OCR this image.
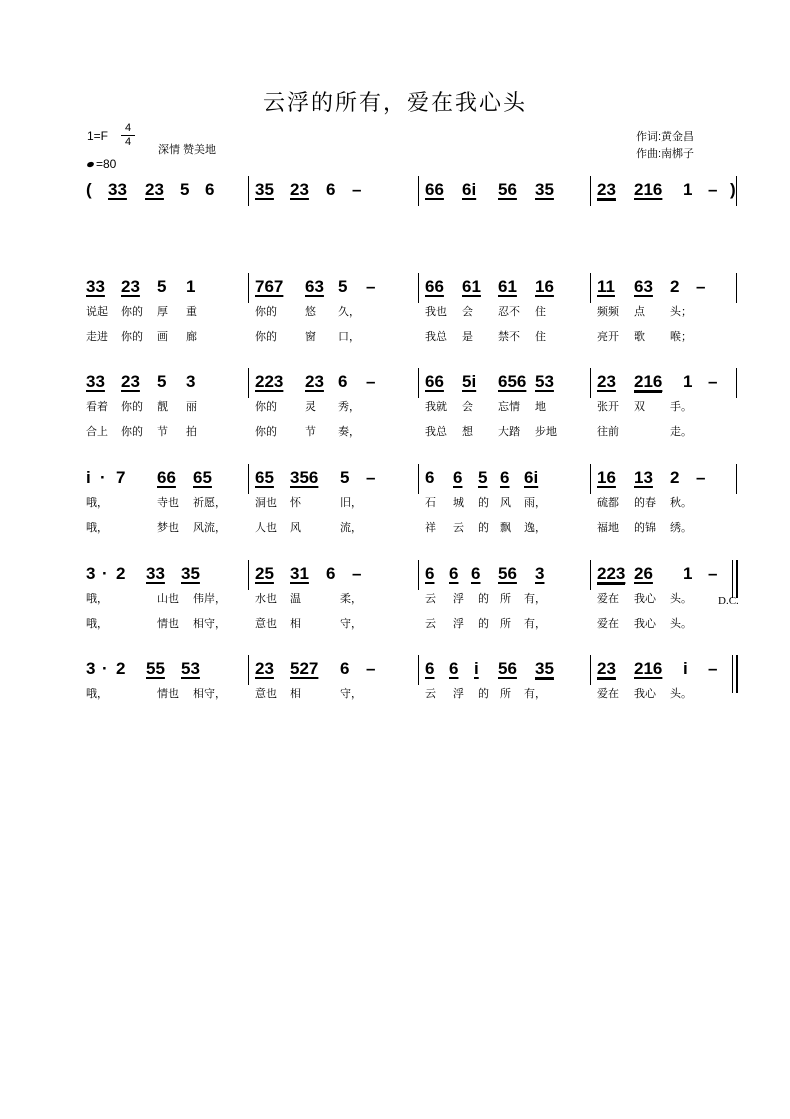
云浮的所有，爱在我心头
1=F
4
4
深情 赞美地
=80
作词:黄金昌
作曲:南梆子
( 33 23 5 6 35 23 6 –	66 6i 56 35	23 216 1 – )
33 23 5 1	767 63 5 –	66 61 61 16	11 63 2 –
说起 你的 厚 重	你的	悠 久，	我也 会 忍不 住	频频 点 头；
走进 你的 画 廊	你的	窗 口，	我总 是 禁不 住	亮开 歌 喉；
33 23 5 3	223 23 6 –	66 5i 656 53	23 216 1 –
看着 你的 靓 丽	你的	灵 秀，	我就 会 忘情 地	张开 双 手。
合上 你的 节 拍	你的	节 奏，	我总 想 大踏 步地	往前	走。
i · 7 66 65	65 356 5 –	6 6 5 6 6i	16 13 2 –
哦，	寺也 祈愿，	洞也 怀	旧，	石 城 的 风 雨，	硫都 的春 秋。
哦，	梦也 风流，	人也 风	流，	祥 云 的 飘 逸，	福地 的锦 绣。
3 · 2 33 35	25 31 6 –	6 6 6 56 3	223 26 1 –
哦，	山也 伟岸，	水也 温	柔，	云 浮 的 所 有，	爱在 我心 头。
哦，	情也 相守，	意也 相	守，	云 浮 的 所 有，	爱在 我心 头。
3 · 2 55 53	23 527 6 –	6 6 i 56 35	23 216 i –
哦，	情也 相守，	意也 相	守，	云 浮 的 所 有，	爱在 我心 头。
D.C.
